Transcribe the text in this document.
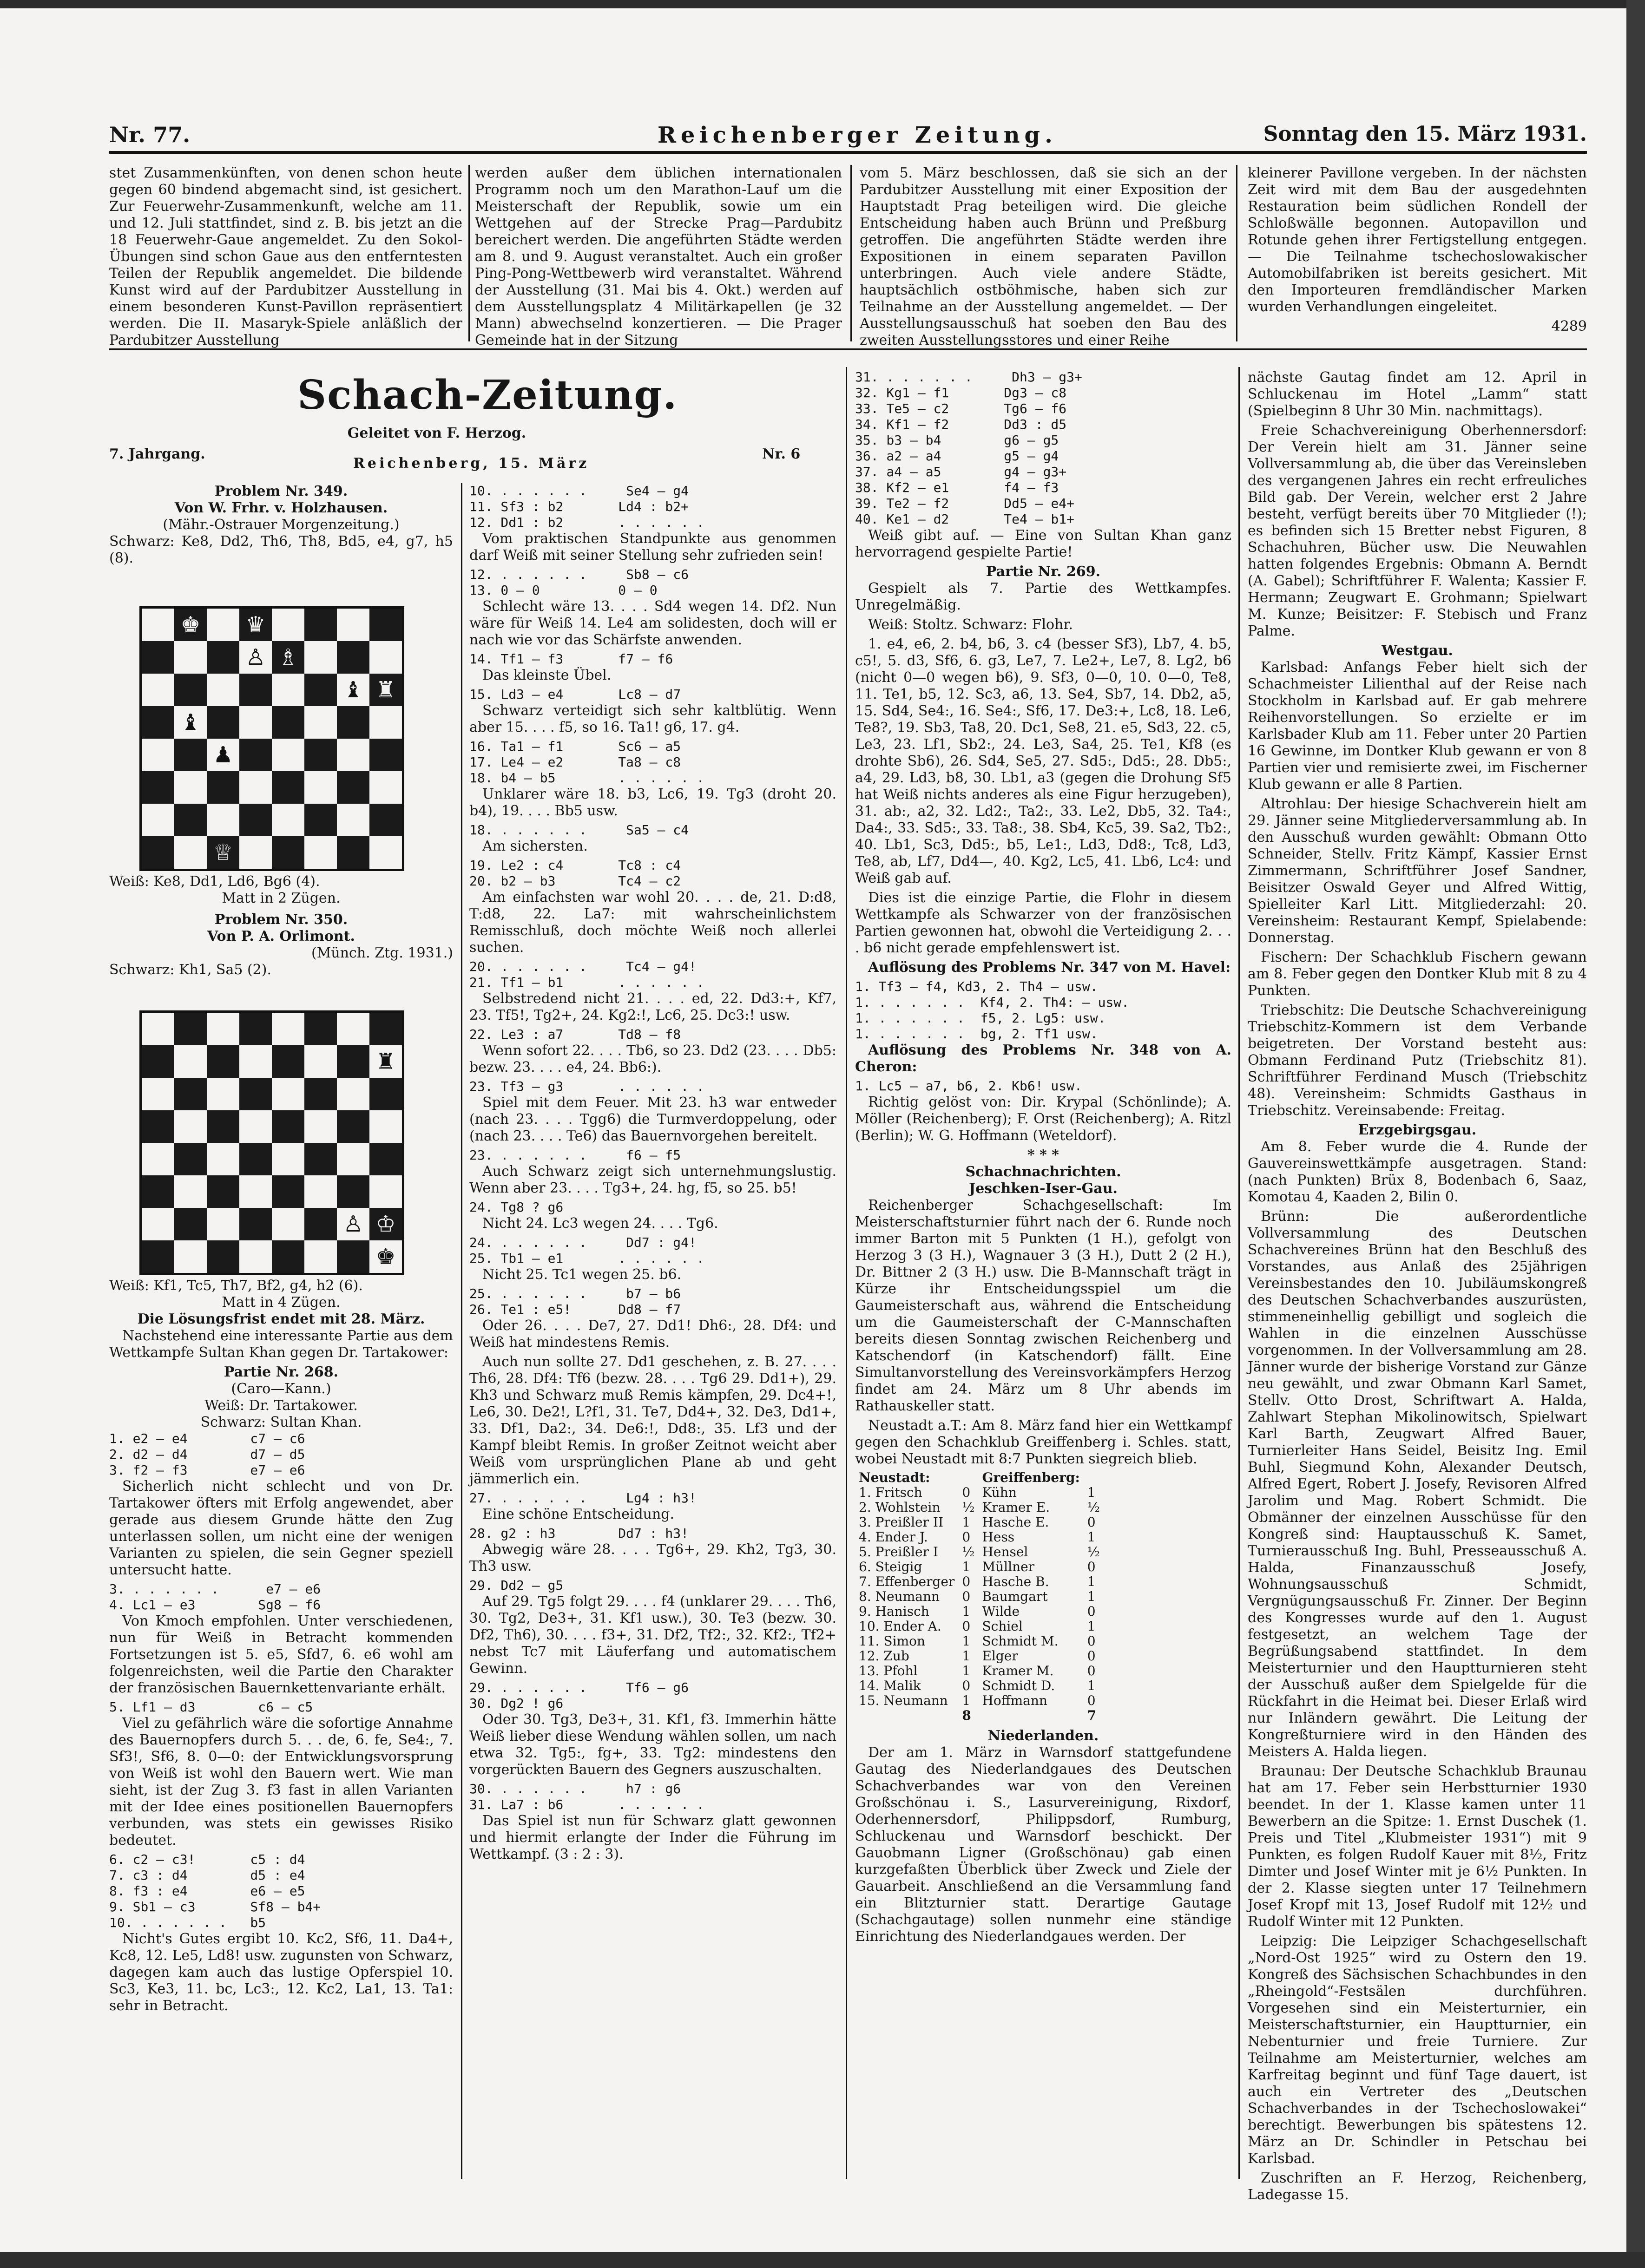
Nr. 77.	Reichenberger Zeitung.	Sonntag den 15. März 1931.

stet Zusammenkünften, von denen schon heute gegen 60 bindend abgemacht sind, ist gesichert. Zur Feuerwehr-Zusammenkunft, welche am 11. und 12. Juli stattfindet, sind z. B. bis jetzt an die 18 Feuerwehr-Gaue angemeldet. Zu den Sokol-Übungen sind schon Gaue aus den entferntesten Teilen der Republik angemeldet. Die bildende Kunst wird auf der Pardubitzer Ausstellung in einem besonderen Kunst-Pavillon repräsentiert werden. Die II. Masaryk-Spiele anläßlich der Pardubitzer Ausstellung

werden außer dem üblichen internationalen Programm noch um den Marathon-Lauf um die Meisterschaft der Republik, sowie um ein Wettgehen auf der Strecke Prag—Pardubitz bereichert werden. Die angeführten Städte werden am 8. und 9. August veranstaltet. Auch ein großer Ping-Pong-Wettbewerb wird veranstaltet. Während der Ausstellung (31. Mai bis 4. Okt.) werden auf dem Ausstellungsplatz 4 Militärkapellen (je 32 Mann) abwechselnd konzertieren. — Die Prager Gemeinde hat in der Sitzung

vom 5. März beschlossen, daß sie sich an der Pardubitzer Ausstellung mit einer Exposition der Hauptstadt Prag beteiligen wird. Die gleiche Entscheidung haben auch Brünn und Preßburg getroffen. Die angeführten Städte werden ihre Expositionen in einem separaten Pavillon unterbringen. Auch viele andere Städte, hauptsächlich ostböhmische, haben sich zur Teilnahme an der Ausstellung angemeldet. — Der Ausstellungsausschuß hat soeben den Bau des zweiten Ausstellungsstores und einer Reihe

kleinerer Pavillone vergeben. In der nächsten Zeit wird mit dem Bau der ausgedehnten Restauration beim südlichen Rondell der Schloßwälle begonnen. Autopavillon und Rotunde gehen ihrer Fertigstellung entgegen. — Die Teilnahme tschechoslowakischer Automobilfabriken ist bereits gesichert. Mit den Importeuren fremdländischer Marken wurden Verhandlungen eingeleitet.

4289
Schach-Zeitung.
Geleitet von F. Herzog.
7. Jahrgang.
Reichenberg, 15. März
Nr. 6
Problem Nr. 349.
Von W. Frhr. v. Holzhausen.
(Mähr.-Ostrauer Morgenzeitung.)
Schwarz: Ke8, Dd2, Th6, Th8, Bd5, e4, g7, h5 (8).
♚ ♛
♙ ♗
♝ ♜
♝
♟
♕
Weiß: Ke8, Dd1, Ld6, Bg6 (4).
Matt in 2 Zügen.
Problem Nr. 350.
Von P. A. Orlimont.
(Münch. Ztg. 1931.)
Schwarz: Kh1, Sa5 (2).
♜
♙ ♔
♚
Weiß: Kf1, Tc5, Th7, Bf2, g4, h2 (6).
Matt in 4 Zügen.
Die Lösungsfrist endet mit 28. März.

Nachstehend eine interessante Partie aus dem Wettkampfe Sultan Khan gegen Dr. Tartakower:

Partie Nr. 268.
(Caro—Kann.)
Weiß: Dr. Tartakower.
Schwarz: Sultan Khan.
1. e2 — e4        c7 — c6
2. d2 — d4        d7 — d5
3. f2 — f3        e7 — e6

Sicherlich nicht schlecht und von Dr. Tartakower öfters mit Erfolg angewendet, aber gerade aus diesem Grunde hätte den Zug unterlassen sollen, um nicht eine der wenigen Varianten zu spielen, die sein Gegner speziell untersucht hatte.

3. . . . . . .      e7 — e6
4. Lc1 — e3        Sg8 — f6

Von Kmoch empfohlen. Unter verschiedenen, nun für Weiß in Betracht kommenden Fortsetzungen ist 5. e5, Sfd7, 6. e6 wohl am folgenreichsten, weil die Partie den Charakter der französischen Bauernkettenvariante erhält.

5. Lf1 — d3        c6 — c5

Viel zu gefährlich wäre die sofortige Annahme des Bauernopfers durch 5. . . de, 6. fe, Se4:, 7. Sf3!, Sf6, 8. 0—0: der Entwicklungsvorsprung von Weiß ist wohl den Bauern wert. Wie man sieht, ist der Zug 3. f3 fast in allen Varianten mit der Idee eines positionellen Bauernopfers verbunden, was stets ein gewisses Risiko bedeutet.

6. c2 — c3!       c5 : d4
7. c3 : d4        d5 : e4
8. f3 : e4        e6 — e5
9. Sb1 — c3       Sf8 — b4+
10. . . . . . .   b5

Nicht's Gutes ergibt 10. Kc2, Sf6, 11. Da4+, Kc8, 12. Le5, Ld8! usw. zugunsten von Schwarz, dagegen kam auch das lustige Opferspiel 10. Sc3, Ke3, 11. bc, Lc3:, 12. Kc2, La1, 13. Ta1: sehr in Betracht.

10. . . . . . .     Se4 — g4
11. Sf3 : b2       Ld4 : b2+
12. Dd1 : b2       . . . . . .

Vom praktischen Standpunkte aus genommen darf Weiß mit seiner Stellung sehr zufrieden sein!

12. . . . . . .     Sb8 — c6
13. 0 — 0          0 — 0

Schlecht wäre 13. . . . Sd4 wegen 14. Df2. Nun wäre für Weiß 14. Le4 am solidesten, doch will er nach wie vor das Schärfste anwenden.

14. Tf1 — f3       f7 — f6

Das kleinste Übel.

15. Ld3 — e4       Lc8 — d7

Schwarz verteidigt sich sehr kaltblütig. Wenn aber 15. . . . f5, so 16. Ta1! g6, 17. g4.

16. Ta1 — f1       Sc6 — a5
17. Le4 — e2       Ta8 — c8
18. b4 — b5        . . . . . .

Unklarer wäre 18. b3, Lc6, 19. Tg3 (droht 20. b4), 19. . . . Bb5 usw.

18. . . . . . .     Sa5 — c4

Am sichersten.

19. Le2 : c4       Tc8 : c4
20. b2 — b3        Tc4 — c2

Am einfachsten war wohl 20. . . . de, 21. D:d8, T:d8, 22. La7: mit wahrscheinlichstem Remisschluß, doch möchte Weiß noch allerlei suchen.

20. . . . . . .     Tc4 — g4!
21. Tf1 — b1       . . . . . .

Selbstredend nicht 21. . . . ed, 22. Dd3:+, Kf7, 23. Tf5!, Tg2+, 24. Kg2:!, Lc6, 25. Dc3:! usw.

22. Le3 : a7       Td8 — f8

Wenn sofort 22. . . . Tb6, so 23. Dd2 (23. . . . Db5: bezw. 23. . . . e4, 24. Bb6:).

23. Tf3 — g3       . . . . . .

Spiel mit dem Feuer. Mit 23. h3 war entweder (nach 23. . . . Tgg6) die Turmverdoppelung, oder (nach 23. . . . Te6) das Bauernvorgehen bereitelt.

23. . . . . . .     f6 — f5

Auch Schwarz zeigt sich unternehmungslustig. Wenn aber 23. . . . Tg3+, 24. hg, f5, so 25. b5!

24. Tg8 ? g6

Nicht 24. Lc3 wegen 24. . . . Tg6.

24. . . . . . .     Dd7 : g4!
25. Tb1 — e1       . . . . . .

Nicht 25. Tc1 wegen 25. b6.

25. . . . . . .     b7 — b6
26. Te1 : e5!      Dd8 — f7

Oder 26. . . . De7, 27. Dd1! Dh6:, 28. Df4: und Weiß hat mindestens Remis.

Auch nun sollte 27. Dd1 geschehen, z. B. 27. . . . Th6, 28. Df4: Tf6 (bezw. 28. . . . Tg6 29. Dd1+), 29. Kh3 und Schwarz muß Remis kämpfen, 29. Dc4+!, Le6, 30. De2!, L?f1, 31. Te7, Dd4+, 32. De3, Dd1+, 33. Df1, Da2:, 34. De6:!, Dd8:, 35. Lf3 und der Kampf bleibt Remis. In großer Zeitnot weicht aber Weiß vom ursprünglichen Plane ab und geht jämmerlich ein.

27. . . . . . .     Lg4 : h3!

Eine schöne Entscheidung.

28. g2 : h3        Dd7 : h3!

Abwegig wäre 28. . . . Tg6+, 29. Kh2, Tg3, 30. Th3 usw.

29. Dd2 — g5

Auf 29. Tg5 folgt 29. . . . f4 (unklarer 29. . . . Th6, 30. Tg2, De3+, 31. Kf1 usw.), 30. Te3 (bezw. 30. Df2, Th6), 30. . . . f3+, 31. Df2, Tf2:, 32. Kf2:, Tf2+ nebst Tc7 mit Läuferfang und automatischem Gewinn.

29. . . . . . .     Tf6 — g6
30. Dg2 ! g6

Oder 30. Tg3, De3+, 31. Kf1, f3. Immerhin hätte Weiß lieber diese Wendung wählen sollen, um nach etwa 32. Tg5:, fg+, 33. Tg2: mindestens den vorgerückten Bauern des Gegners auszuschalten.

30. . . . . . .     h7 : g6
31. La7 : b6       . . . . . .

Das Spiel ist nun für Schwarz glatt gewonnen und hiermit erlangte der Inder die Führung im Wettkampf. (3 : 2 : 3).

31. . . . . . .     Dh3 — g3+
32. Kg1 — f1       Dg3 — c8
33. Te5 — c2       Tg6 — f6
34. Kf1 — f2       Dd3 : d5
35. b3 — b4        g6 — g5
36. a2 — a4        g5 — g4
37. a4 — a5        g4 — g3+
38. Kf2 — e1       f4 — f3
39. Te2 — f2       Dd5 — e4+
40. Ke1 — d2       Te4 — b1+

Weiß gibt auf. — Eine von Sultan Khan ganz hervorragend gespielte Partie!

Partie Nr. 269.

Gespielt als 7. Partie des Wettkampfes. Unregelmäßig.

Weiß: Stoltz. Schwarz: Flohr.

1. e4, e6, 2. b4, b6, 3. c4 (besser Sf3), Lb7, 4. b5, c5!, 5. d3, Sf6, 6. g3, Le7, 7. Le2+, Le7, 8. Lg2, b6 (nicht 0—0 wegen b6), 9. Sf3, 0—0, 10. 0—0, Te8, 11. Te1, b5, 12. Sc3, a6, 13. Se4, Sb7, 14. Db2, a5, 15. Sd4, Se4:, 16. Se4:, Sf6, 17. De3:+, Lc8, 18. Le6, Te8?, 19. Sb3, Ta8, 20. Dc1, Se8, 21. e5, Sd3, 22. c5, Le3, 23. Lf1, Sb2:, 24. Le3, Sa4, 25. Te1, Kf8 (es drohte Sb6), 26. Sd4, Se5, 27. Sd5:, Dd5:, 28. Db5:, a4, 29. Ld3, b8, 30. Lb1, a3 (gegen die Drohung Sf5 hat Weiß nichts anderes als eine Figur herzugeben), 31. ab:, a2, 32. Ld2:, Ta2:, 33. Le2, Db5, 32. Ta4:, Da4:, 33. Sd5:, 33. Ta8:, 38. Sb4, Kc5, 39. Sa2, Tb2:, 40. Lb1, Sc3, Dd5:, b5, Le1:, Ld3, Dd8:, Tc8, Ld3, Te8, ab, Lf7, Dd4—, 40. Kg2, Lc5, 41. Lb6, Lc4: und Weiß gab auf.

Dies ist die einzige Partie, die Flohr in diesem Wettkampfe als Schwarzer von der französischen Partien gewonnen hat, obwohl die Verteidigung 2. . . . b6 nicht gerade empfehlenswert ist.

Auflösung des Problems Nr. 347 von M. Havel:

1. Tf3 — f4, Kd3, 2. Th4 — usw.
1. . . . . . .  Kf4, 2. Th4: — usw.
1. . . . . . .  f5, 2. Lg5: usw.
1. . . . . . .  bg, 2. Tf1 usw.

Auflösung des Problems Nr. 348 von A. Cheron:

1. Lc5 — a7, b6, 2. Kb6! usw.

Richtig gelöst von: Dir. Krypal (Schönlinde); A. Möller (Reichenberg); F. Orst (Reichenberg); A. Ritzl (Berlin); W. G. Hoffmann (Weteldorf).

* * *
Schachnachrichten.
Jeschken-Iser-Gau.

Reichenberger Schachgesellschaft: Im Meisterschaftsturnier führt nach der 6. Runde noch immer Barton mit 5 Punkten (1 H.), gefolgt von Herzog 3 (3 H.), Wagnauer 3 (3 H.), Dutt 2 (2 H.), Dr. Bittner 2 (3 H.) usw. Die B-Mannschaft trägt in Kürze ihr Entscheidungsspiel um die Gaumeisterschaft aus, während die Entscheidung um die Gaumeisterschaft der C-Mannschaften bereits diesen Sonntag zwischen Reichenberg und Katschendorf (in Katschendorf) fällt. Eine Simultanvorstellung des Vereinsvorkämpfers Herzog findet am 24. März um 8 Uhr abends im Rathauskeller statt.

Neustadt a.T.: Am 8. März fand hier ein Wettkampf gegen den Schachklub Greiffenberg i. Schles. statt, wobei Neustadt mit 8:7 Punkten siegreich blieb.

Neustadt:		Greiffenberg:	
1. Fritsch	0	Kühn	1
2. Wohlstein	½	Kramer E.	½
3. Preißler II	1	Hasche E.	0
4. Ender J.	0	Hess	1
5. Preißler I	½	Hensel	½
6. Steigig	1	Müllner	0
7. Effenberger	0	Hasche B.	1
8. Neumann	0	Baumgart	1
9. Hanisch	1	Wilde	0
10. Ender A.	0	Schiel	1
11. Simon	1	Schmidt M.	0
12. Zub	1	Elger	0
13. Pfohl	1	Kramer M.	0
14. Malik	0	Schmidt D.	1
15. Neumann	1	Hoffmann	0
	8		7
Niederlanden.

Der am 1. März in Warnsdorf stattgefundene Gautag des Niederlandgaues des Deutschen Schachverbandes war von den Vereinen Großschönau i. S., Lasurvereinigung, Rixdorf, Oderhennersdorf, Philippsdorf, Rumburg, Schluckenau und Warnsdorf beschickt. Der Gauobmann Ligner (Großschönau) gab einen kurzgefaßten Überblick über Zweck und Ziele der Gauarbeit. Anschließend an die Versammlung fand ein Blitzturnier statt. Derartige Gautage (Schachgautage) sollen nunmehr eine ständige Einrichtung des Niederlandgaues werden. Der

nächste Gautag findet am 12. April in Schluckenau im Hotel „Lamm“ statt (Spielbeginn 8 Uhr 30 Min. nachmittags).

Freie Schachvereinigung Oberhennersdorf: Der Verein hielt am 31. Jänner seine Vollversammlung ab, die über das Vereinsleben des vergangenen Jahres ein recht erfreuliches Bild gab. Der Verein, welcher erst 2 Jahre besteht, verfügt bereits über 70 Mitglieder (!); es befinden sich 15 Bretter nebst Figuren, 8 Schachuhren, Bücher usw. Die Neuwahlen hatten folgendes Ergebnis: Obmann A. Berndt (A. Gabel); Schriftführer F. Walenta; Kassier F. Hermann; Zeugwart E. Grohmann; Spielwart M. Kunze; Beisitzer: F. Stebisch und Franz Palme.

Westgau.

Karlsbad: Anfangs Feber hielt sich der Schachmeister Lilienthal auf der Reise nach Stockholm in Karlsbad auf. Er gab mehrere Reihenvorstellungen. So erzielte er im Karlsbader Klub am 11. Feber unter 20 Partien 16 Gewinne, im Dontker Klub gewann er von 8 Partien vier und remisierte zwei, im Fischerner Klub gewann er alle 8 Partien.

Altrohlau: Der hiesige Schachverein hielt am 29. Jänner seine Mitgliederversammlung ab. In den Ausschuß wurden gewählt: Obmann Otto Schneider, Stellv. Fritz Kämpf, Kassier Ernst Zimmermann, Schriftführer Josef Sandner, Beisitzer Oswald Geyer und Alfred Wittig, Spielleiter Karl Litt. Mitgliederzahl: 20. Vereinsheim: Restaurant Kempf, Spielabende: Donnerstag.

Fischern: Der Schachklub Fischern gewann am 8. Feber gegen den Dontker Klub mit 8 zu 4 Punkten.

Triebschitz: Die Deutsche Schachvereinigung Triebschitz-Kommern ist dem Verbande beigetreten. Der Vorstand besteht aus: Obmann Ferdinand Putz (Triebschitz 81). Schriftführer Ferdinand Musch (Triebschitz 48). Vereinsheim: Schmidts Gasthaus in Triebschitz. Vereinsabende: Freitag.

Erzgebirgsgau.

Am 8. Feber wurde die 4. Runde der Gauvereinswettkämpfe ausgetragen. Stand: (nach Punkten) Brüx 8, Bodenbach 6, Saaz, Komotau 4, Kaaden 2, Bilin 0.

Brünn: Die außerordentliche Vollversammlung des Deutschen Schachvereines Brünn hat den Beschluß des Vorstandes, aus Anlaß des 25jährigen Vereinsbestandes den 10. Jubiläumskongreß des Deutschen Schachverbandes auszurüsten, stimmeneinhellig gebilligt und sogleich die Wahlen in die einzelnen Ausschüsse vorgenommen. In der Vollversammlung am 28. Jänner wurde der bisherige Vorstand zur Gänze neu gewählt, und zwar Obmann Karl Samet, Stellv. Otto Drost, Schriftwart A. Halda, Zahlwart Stephan Mikolinowitsch, Spielwart Karl Barth, Zeugwart Alfred Bauer, Turnierleiter Hans Seidel, Beisitz Ing. Emil Buhl, Siegmund Kohn, Alexander Deutsch, Alfred Egert, Robert J. Josefy, Revisoren Alfred Jarolim und Mag. Robert Schmidt. Die Obmänner der einzelnen Ausschüsse für den Kongreß sind: Hauptausschuß K. Samet, Turnierausschuß Ing. Buhl, Presseausschuß A. Halda, Finanzausschuß Josefy, Wohnungsausschuß Schmidt, Vergnügungsausschuß Fr. Zinner. Der Beginn des Kongresses wurde auf den 1. August festgesetzt, an welchem Tage der Begrüßungsabend stattfindet. In dem Meisterturnier und den Hauptturnieren steht der Ausschuß außer dem Spielgelde für die Rückfahrt in die Heimat bei. Dieser Erlaß wird nur Inländern gewährt. Die Leitung der Kongreßturniere wird in den Händen des Meisters A. Halda liegen.

Braunau: Der Deutsche Schachklub Braunau hat am 17. Feber sein Herbstturnier 1930 beendet. In der 1. Klasse kamen unter 11 Bewerbern an die Spitze: 1. Ernst Duschek (1. Preis und Titel „Klubmeister 1931“) mit 9 Punkten, es folgen Rudolf Kauer mit 8½, Fritz Dimter und Josef Winter mit je 6½ Punkten. In der 2. Klasse siegten unter 17 Teilnehmern Josef Kropf mit 13, Josef Rudolf mit 12½ und Rudolf Winter mit 12 Punkten.

Leipzig: Die Leipziger Schachgesellschaft „Nord-Ost 1925“ wird zu Ostern den 19. Kongreß des Sächsischen Schachbundes in den „Rheingold“-Festsälen durchführen. Vorgesehen sind ein Meisterturnier, ein Meisterschaftsturnier, ein Hauptturnier, ein Nebenturnier und freie Turniere. Zur Teilnahme am Meisterturnier, welches am Karfreitag beginnt und fünf Tage dauert, ist auch ein Vertreter des „Deutschen Schachverbandes in der Tschechoslowakei“ berechtigt. Bewerbungen bis spätestens 12. März an Dr. Schindler in Petschau bei Karlsbad.

Zuschriften an F. Herzog, Reichenberg, Ladegasse 15.
